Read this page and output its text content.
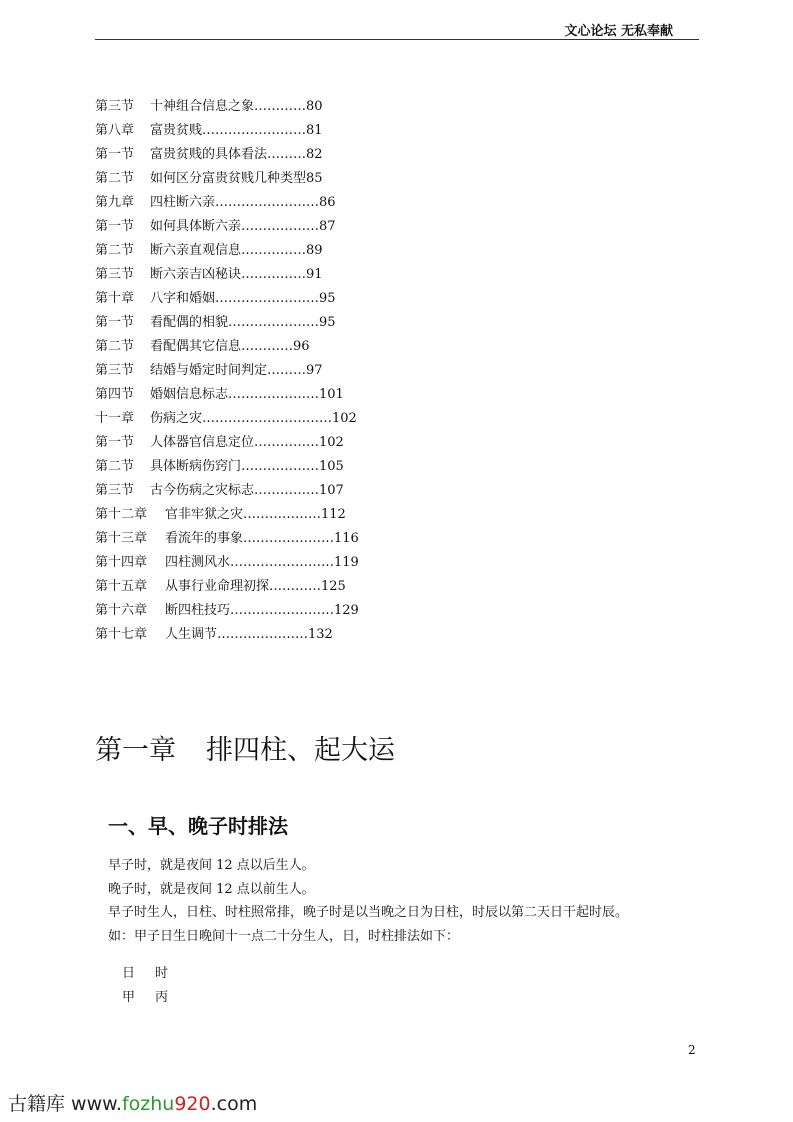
文心论坛 无私奉献
第三节	十神组合信息之象………… 80
第八章	富贵贫贱…………………… 81
第一节	富贵贫贱的具体看法……… 82
第二节	如何区分富贵贫贱几种类型 85
第九章	四柱断六亲…………………… 86
第一节	如何具体断六亲……………… 87
第二节	断六亲直观信息…………… 89
第三节	断六亲吉凶秘诀…………… 91
第十章	八字和婚姻…………………… 95
第一节	看配偶的相貌………………… 95
第二节	看配偶其它信息………… 96
第三节	结婚与婚定时间判定……… 97
第四节	婚姻信息标志………………… 101
十一章	伤病之灾………………………… 102
第一节	人体器官信息定位…………… 102
第二节	具体断病伤窍门……………… 105
第三节	古今伤病之灾标志…………… 107
第十二章	官非牢狱之灾……………… 112
第十三章	看流年的事象………………… 116
第十四章	四柱测风水…………………… 119
第十五章	从事行业命理初探………… 125
第十六章	断四柱技巧…………………… 129
第十七章	人生调节………………… 132
第一章 排四柱、起大运
一、早、晚子时排法

早子时，就是夜间 12 点以后生人。

晚子时，就是夜间 12 点以前生人。

早子时生人，日柱、时柱照常排，晚子时是以当晚之日为日柱，时辰以第二天日干起时辰。

如：甲子日生日晚间十一点二十分生人，日，时柱排法如下：

日 时
甲 丙
2
古籍库 www.fozhu920.com
